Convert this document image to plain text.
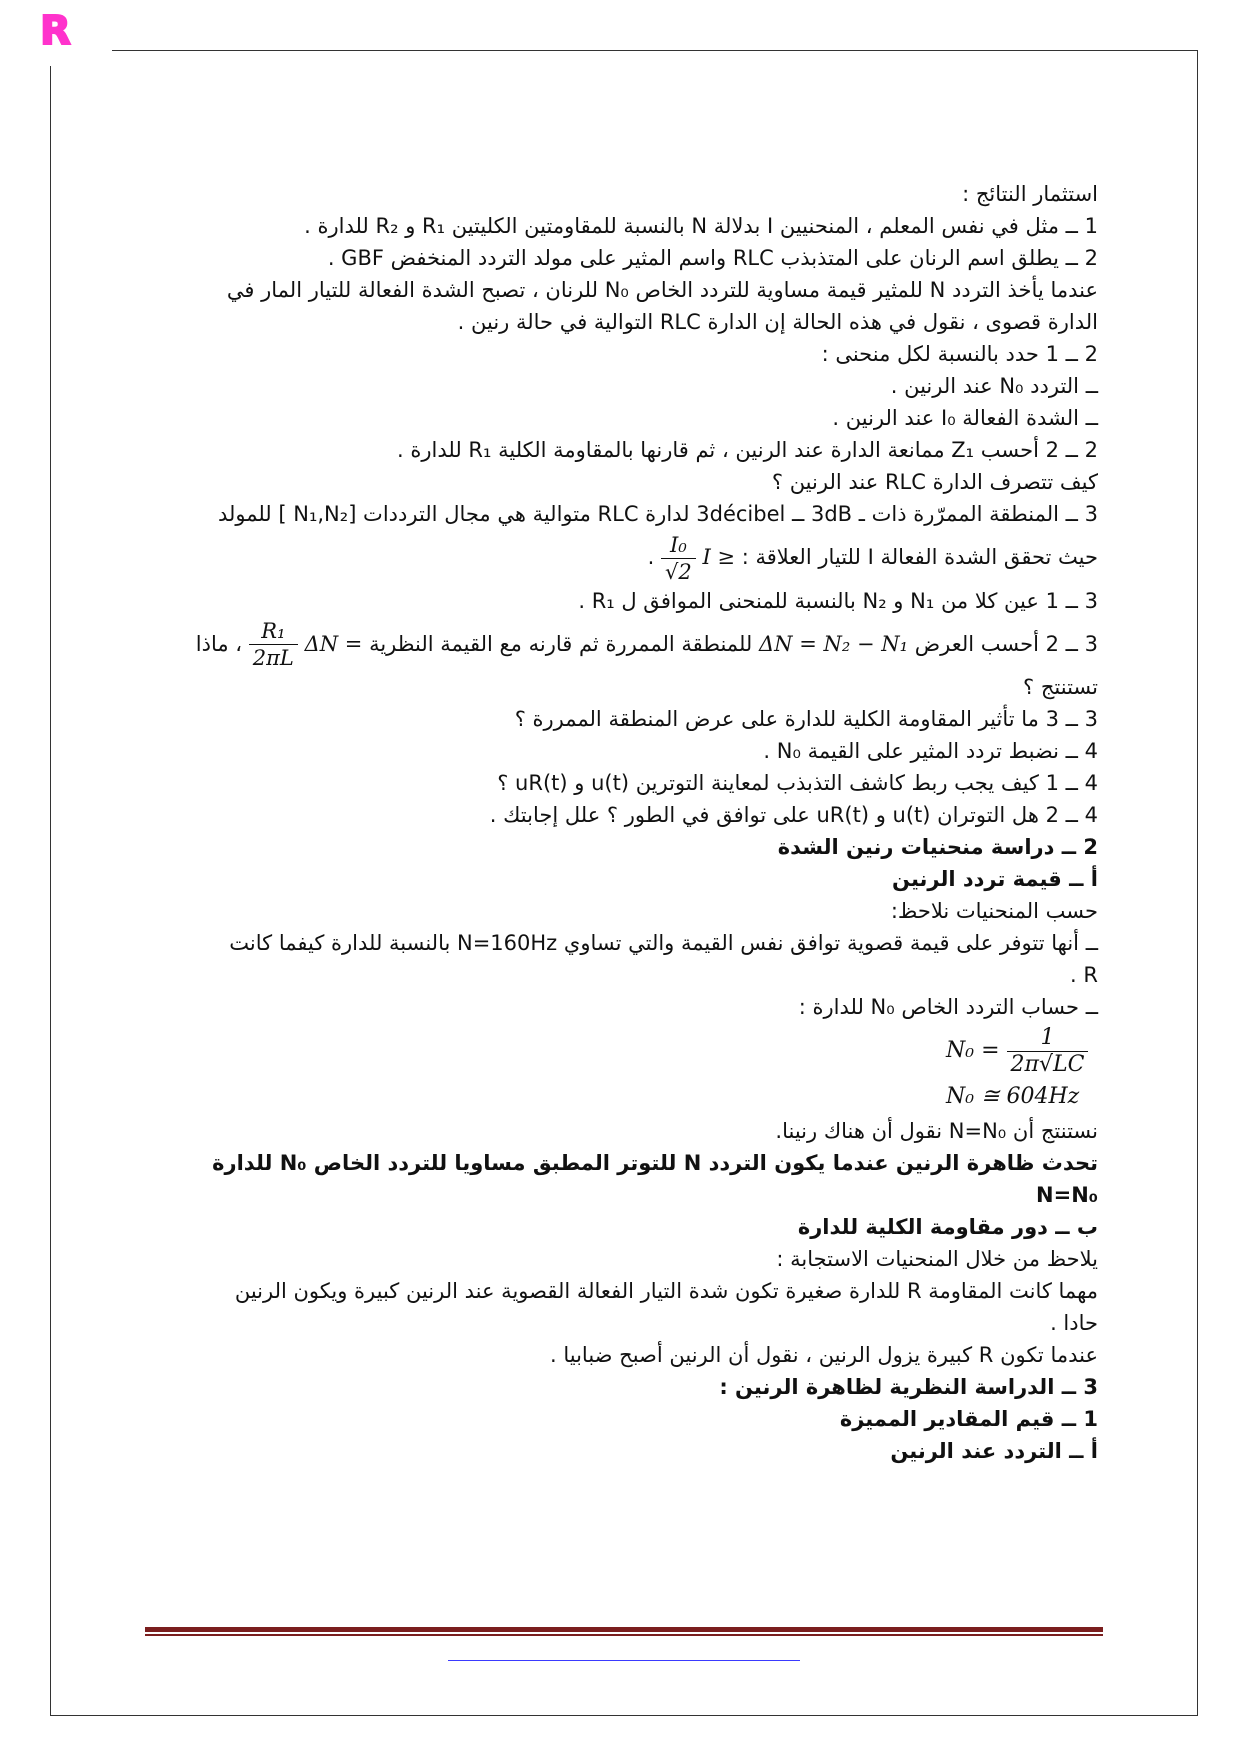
R

استثمار النتائج :

1 ــ مثل في نفس المعلم ، المنحنيين I بدلالة N بالنسبة للمقاومتين الكليتين R₁ و R₂ للدارة .

2 ــ يطلق اسم الرنان على المتذبذب RLC واسم المثير على مولد التردد المنخفض GBF .

عندما يأخذ التردد N للمثير قيمة مساوية للتردد الخاص N₀ للرنان ، تصبح الشدة الفعالة للتيار المار في

الدارة قصوى ، نقول في هذه الحالة إن الدارة RLC التوالية في حالة رنين .

2 ــ 1 حدد بالنسبة لكل منحنى :

ــ التردد N₀ عند الرنين .

ــ الشدة الفعالة I₀ عند الرنين .

2 ــ 2 أحسب Z₁ ممانعة الدارة عند الرنين ، ثم قارنها بالمقاومة الكلية R₁ للدارة .

كيف تتصرف الدارة RLC عند الرنين ؟

3 ــ المنطقة الممرّرة ذات ـ 3dB ــ 3décibel لدارة RLC متوالية هي مجال الترددات [N₁,N₂ ] للمولد

حيث تحقق الشدة الفعالة I للتيار العلاقة : I ≥
$\frac{\text{I₀}}{√2}$
.

3 ــ 1 عين كلا من N₁ و N₂ بالنسبة للمنحنى الموافق ل R₁ .

3 ــ 2 أحسب العرض ΔN = N₂ − N₁ للمنطقة الممررة ثم قارنه مع القيمة النظرية ΔN =
$\frac{\text{R₁}}{2\pi L}$
، ماذا

تستنتج ؟

3 ــ 3 ما تأثير المقاومة الكلية للدارة على عرض المنطقة الممررة ؟

4 ــ نضبط تردد المثير على القيمة N₀ .

4 ــ 1 كيف يجب ربط كاشف التذبذب لمعاينة التوترين u(t) و uR(t) ؟

4 ــ 2 هل التوتران u(t) و uR(t) على توافق في الطور ؟ علل إجابتك .

2 ــ دراسة منحنيات رنين الشدة

أ ــ قيمة تردد الرنين

حسب المنحنيات نلاحظ:

ــ أنها تتوفر على قيمة قصوية توافق نفس القيمة والتي تساوي N=160Hz بالنسبة للدارة كيفما كانت

R .

ــ حساب التردد الخاص N₀ للدارة :

$N_0 = \frac{1}{2\pi√LC}$
N₀ ≅ 604Hz

نستنتج أن N=N₀ نقول أن هناك رنينا.

تحدث ظاهرة الرنين عندما يكون التردد N للتوتر المطبق مساويا للتردد الخاص N₀ للدارة

N=N₀

ب ــ دور مقاومة الكلية للدارة

يلاحظ من خلال المنحنيات الاستجابة :

مهما كانت المقاومة R للدارة صغيرة تكون شدة التيار الفعالة القصوية عند الرنين كبيرة ويكون الرنين

حادا .

عندما تكون R كبيرة يزول الرنين ، نقول أن الرنين أصبح ضبابيا .

3 ــ الدراسة النظرية لظاهرة الرنين :

1 ــ قيم المقادير المميزة

أ ــ التردد عند الرنين
